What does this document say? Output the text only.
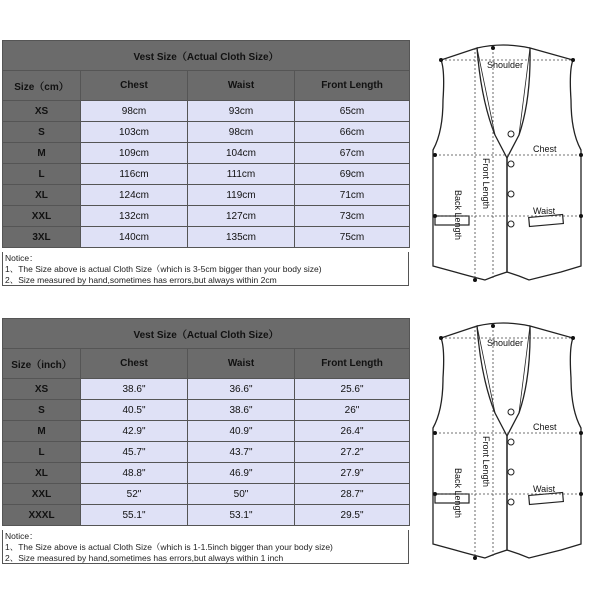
Vest Size（Actual Cloth Size）			
Size（cm）	Chest	Waist	Front Length
XS	98cm	93cm	65cm
S	103cm	98cm	66cm
M	109cm	104cm	67cm
L	116cm	111cm	69cm
XL	124cm	119cm	71cm
XXL	132cm	127cm	73cm
3XL	140cm	135cm	75cm
Notice：
1、The Size above is actual Cloth Size（which is 3-5cm bigger than your body size)
2、Size measured by hand,sometimes has errors,but always within 2cm
Shoulder
Chest
Waist
Back Length
Front Length
Vest Size（Actual Cloth Size）			
Size（inch）	Chest	Waist	Front Length
XS	38.6"	36.6"	25.6"
S	40.5"	38.6"	26"
M	42.9"	40.9"	26.4"
L	45.7"	43.7"	27.2"
XL	48.8"	46.9"	27.9"
XXL	52"	50"	28.7"
XXXL	55.1"	53.1"	29.5"
Notice：
1、The Size above is actual Cloth Size（which is 1-1.5inch bigger than your body size)
2、Size measured by hand,sometimes has errors,but always within 1 inch
Shoulder
Chest
Waist
Back Length
Front Length
